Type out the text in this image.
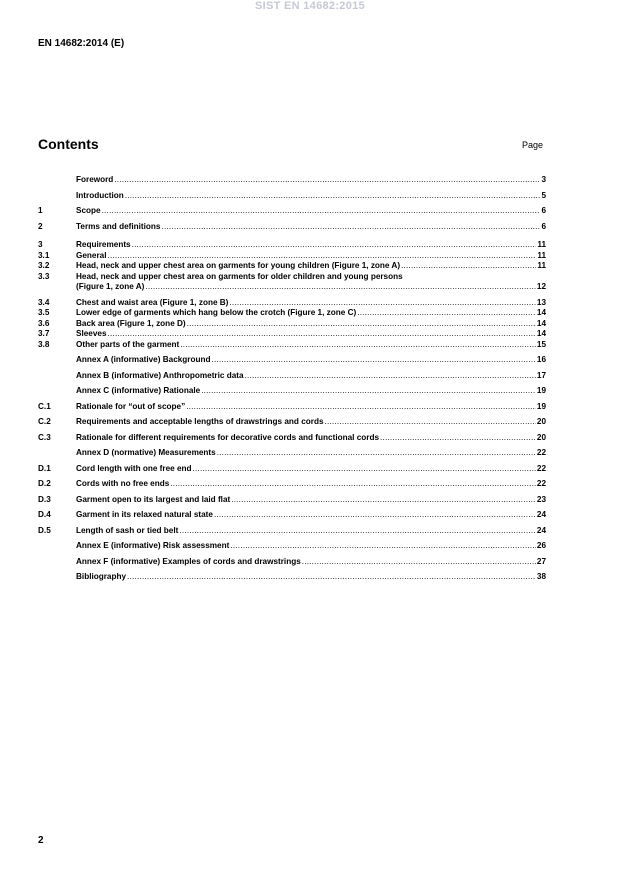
SIST EN 14682:2015
EN 14682:2014 (E)
Contents	Page
Foreword .....	3
Introduction .....	5
1	Scope .....	6
2	Terms and definitions .....	6
3	Requirements .....	11
3.1	General .....	11
3.2	Head, neck and upper chest area on garments for young children (Figure 1, zone A) .....	11
3.3	Head, neck and upper chest area on garments for older children and young persons
(Figure 1, zone A) .....	12
3.4	Chest and waist area (Figure 1, zone B) .....	13
3.5	Lower edge of garments which hang below the crotch (Figure 1, zone C) .....	14
3.6	Back area (Figure 1, zone D) .....	14
3.7	Sleeves .....	14
3.8	Other parts of the garment .....	15
Annex A (informative) Background .....	16
Annex B (informative) Anthropometric data .....	17
Annex C (informative) Rationale .....	19
C.1	Rationale for “out of scope” .....	19
C.2	Requirements and acceptable lengths of drawstrings and cords .....	20
C.3	Rationale for different requirements for decorative cords and functional cords .....	20
Annex D (normative) Measurements .....	22
D.1	Cord length with one free end .....	22
D.2	Cords with no free ends .....	22
D.3	Garment open to its largest and laid flat .....	23
D.4	Garment in its relaxed natural state .....	24
D.5	Length of sash or tied belt .....	24
Annex E (informative) Risk assessment .....	26
Annex F (informative) Examples of cords and drawstrings .....	27
Bibliography .....	38
2
